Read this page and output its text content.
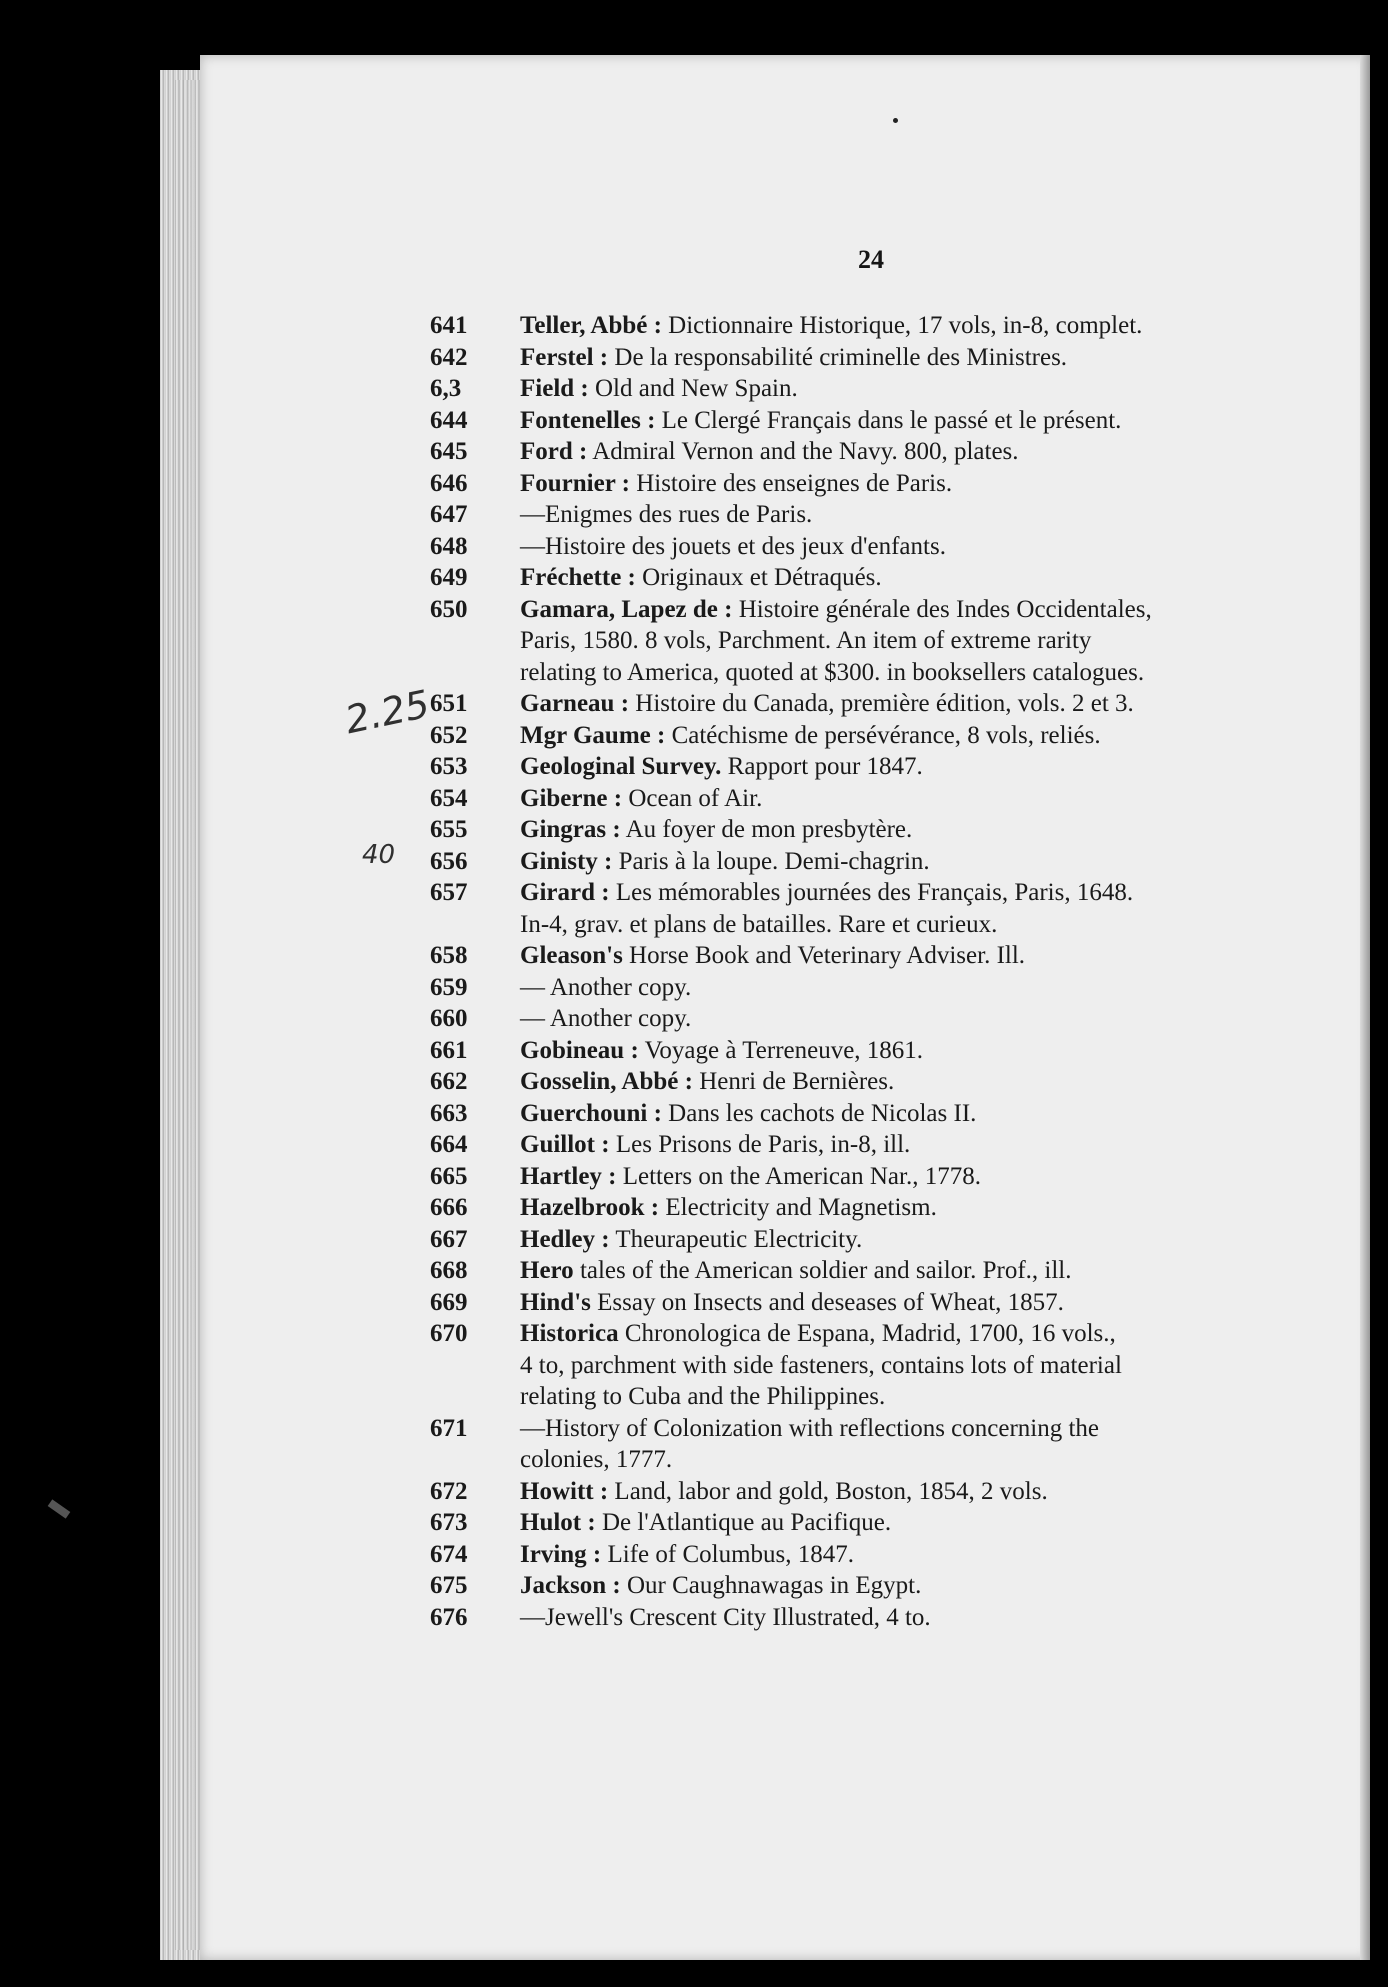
24
2.25
40
641	Teller, Abbé : Dictionnaire Historique, 17 vols, in-8, complet.
642	Ferstel : De la responsabilité criminelle des Ministres.
6,3	Field : Old and New Spain.
644	Fontenelles : Le Clergé Français dans le passé et le présent.
645	Ford : Admiral Vernon and the Navy. 800, plates.
646	Fournier : Histoire des enseignes de Paris.
647	—Enigmes des rues de Paris.
648	—Histoire des jouets et des jeux d'enfants.
649	Fréchette : Originaux et Détraqués.
650	Gamara, Lapez de : Histoire générale des Indes Occidentales,
Paris, 1580. 8 vols, Parchment. An item of extreme rarity
relating to America, quoted at $300. in booksellers catalogues.
651	Garneau : Histoire du Canada, première édition, vols. 2 et 3.
652	Mgr Gaume : Catéchisme de persévérance, 8 vols, reliés.
653	Geologinal Survey. Rapport pour 1847.
654	Giberne : Ocean of Air.
655	Gingras : Au foyer de mon presbytère.
656	Ginisty : Paris à la loupe. Demi-chagrin.
657	Girard : Les mémorables journées des Français, Paris, 1648.
In-4, grav. et plans de batailles. Rare et curieux.
658	Gleason's Horse Book and Veterinary Adviser. Ill.
659	— Another copy.
660	— Another copy.
661	Gobineau : Voyage à Terreneuve, 1861.
662	Gosselin, Abbé : Henri de Bernières.
663	Guerchouni : Dans les cachots de Nicolas II.
664	Guillot : Les Prisons de Paris, in-8, ill.
665	Hartley : Letters on the American Nar., 1778.
666	Hazelbrook : Electricity and Magnetism.
667	Hedley : Theurapeutic Electricity.
668	Hero tales of the American soldier and sailor. Prof., ill.
669	Hind's Essay on Insects and deseases of Wheat, 1857.
670	Historica Chronologica de Espana, Madrid, 1700, 16 vols.,
4 to, parchment with side fasteners, contains lots of material
relating to Cuba and the Philippines.
671	—History of Colonization with reflections concerning the
colonies, 1777.
672	Howitt : Land, labor and gold, Boston, 1854, 2 vols.
673	Hulot : De l'Atlantique au Pacifique.
674	Irving : Life of Columbus, 1847.
675	Jackson : Our Caughnawagas in Egypt.
676	—Jewell's Crescent City Illustrated, 4 to.
